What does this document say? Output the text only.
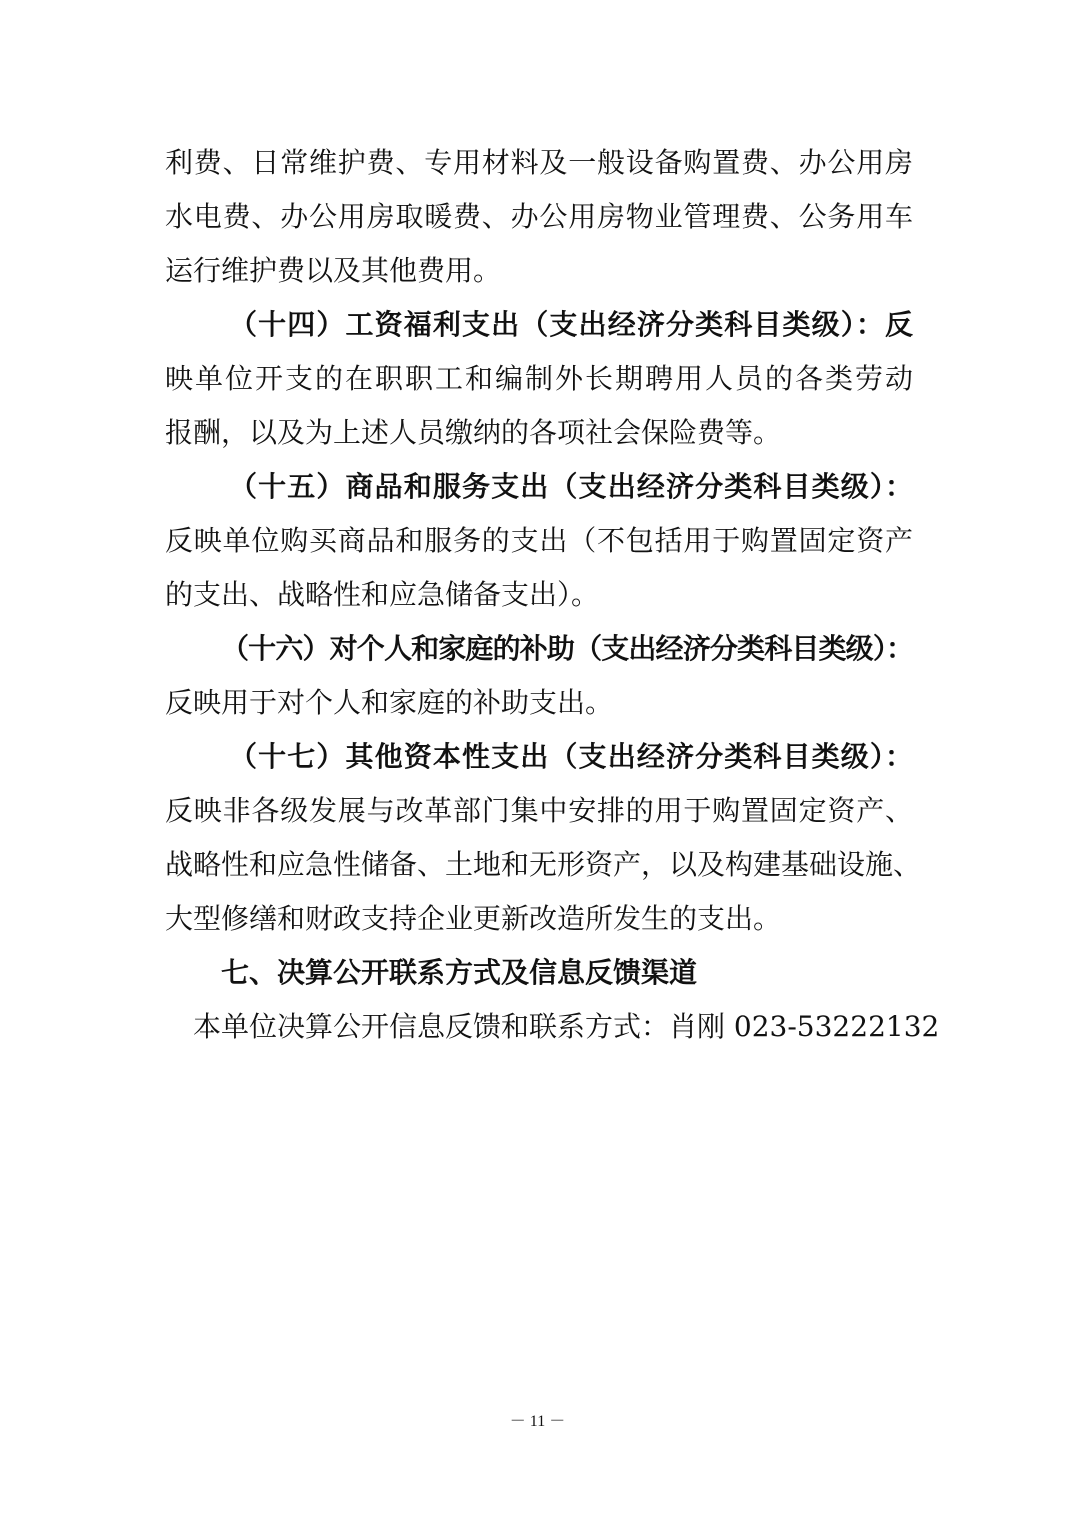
利费、日常维护费、专用材料及一般设备购置费、办公用房
水电费、办公用房取暖费、办公用房物业管理费、公务用车
运行维护费以及其他费用。
（十四）工资福利支出（支出经济分类科目类级）：反
映单位开支的在职职工和编制外长期聘用人员的各类劳动
报酬，以及为上述人员缴纳的各项社会保险费等。
（十五）商品和服务支出（支出经济分类科目类级）：
反映单位购买商品和服务的支出（不包括用于购置固定资产
的支出、战略性和应急储备支出）。
（十六）对个人和家庭的补助（支出经济分类科目类级）：
反映用于对个人和家庭的补助支出。
（十七）其他资本性支出（支出经济分类科目类级）：
反映非各级发展与改革部门集中安排的用于购置固定资产、
战略性和应急性储备、土地和无形资产，以及构建基础设施、
大型修缮和财政支持企业更新改造所发生的支出。
七、决算公开联系方式及信息反馈渠道
本单位决算公开信息反馈和联系方式：肖刚 023-53222132
－ 11 －
